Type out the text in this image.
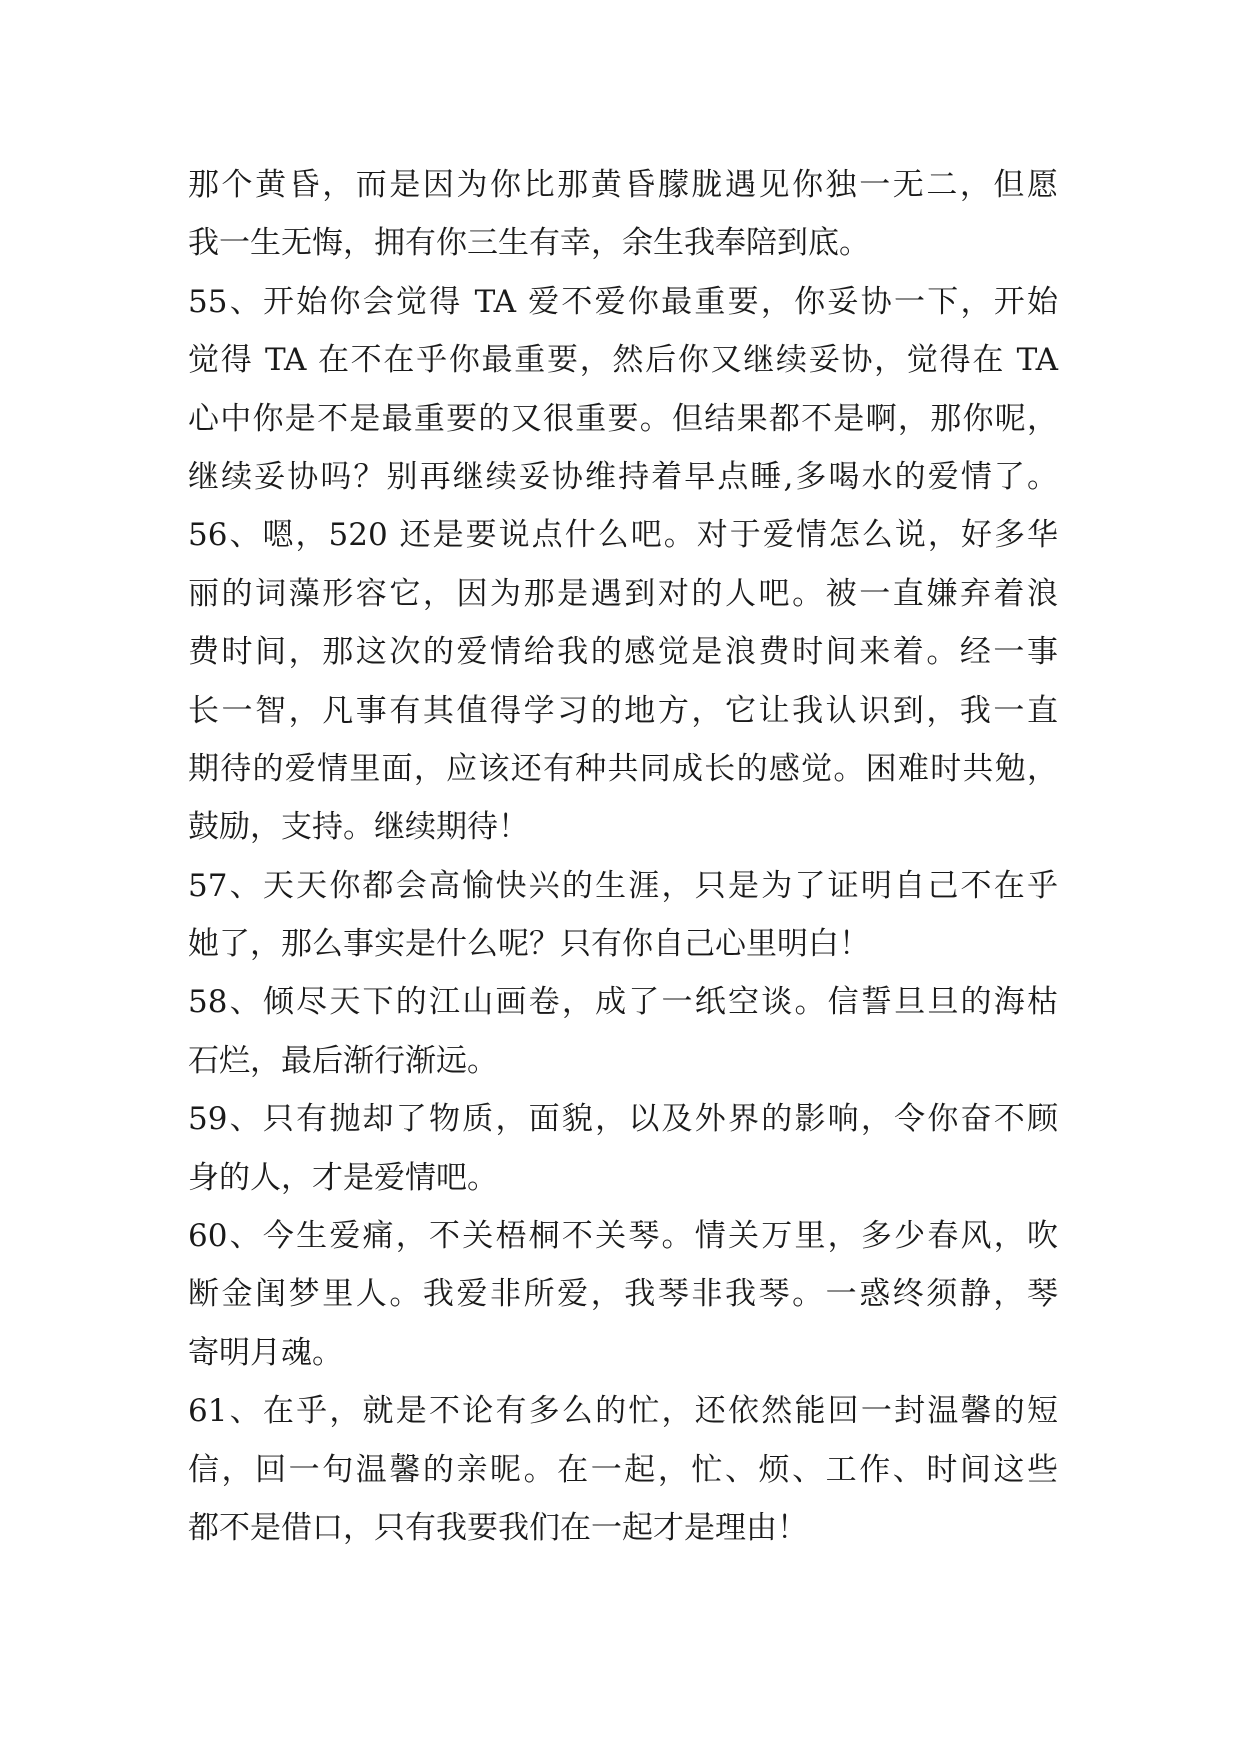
那个黄昏，而是因为你比那黄昏朦胧遇见你独一无二，但愿
我一生无悔，拥有你三生有幸，余生我奉陪到底。
55、开始你会觉得 TA 爱不爱你最重要，你妥协一下，开始
觉得 TA 在不在乎你最重要，然后你又继续妥协，觉得在 TA
心中你是不是最重要的又很重要。但结果都不是啊，那你呢，
继续妥协吗？别再继续妥协维持着早点睡,多喝水的爱情了。
56、嗯，520 还是要说点什么吧。对于爱情怎么说，好多华
丽的词藻形容它，因为那是遇到对的人吧。被一直嫌弃着浪
费时间，那这次的爱情给我的感觉是浪费时间来着。经一事
长一智，凡事有其值得学习的地方，它让我认识到，我一直
期待的爱情里面，应该还有种共同成长的感觉。困难时共勉，
鼓励，支持。继续期待！
57、天天你都会高愉快兴的生涯，只是为了证明自己不在乎
她了，那么事实是什么呢？只有你自己心里明白！
58、倾尽天下的江山画卷，成了一纸空谈。信誓旦旦的海枯
石烂，最后渐行渐远。
59、只有抛却了物质，面貌，以及外界的影响，令你奋不顾
身的人，才是爱情吧。
60、今生爱痛，不关梧桐不关琴。情关万里，多少春风，吹
断金闺梦里人。我爱非所爱，我琴非我琴。一惑终须静，琴
寄明月魂。
61、在乎，就是不论有多么的忙，还依然能回一封温馨的短
信，回一句温馨的亲昵。在一起，忙、烦、工作、时间这些
都不是借口，只有我要我们在一起才是理由！
